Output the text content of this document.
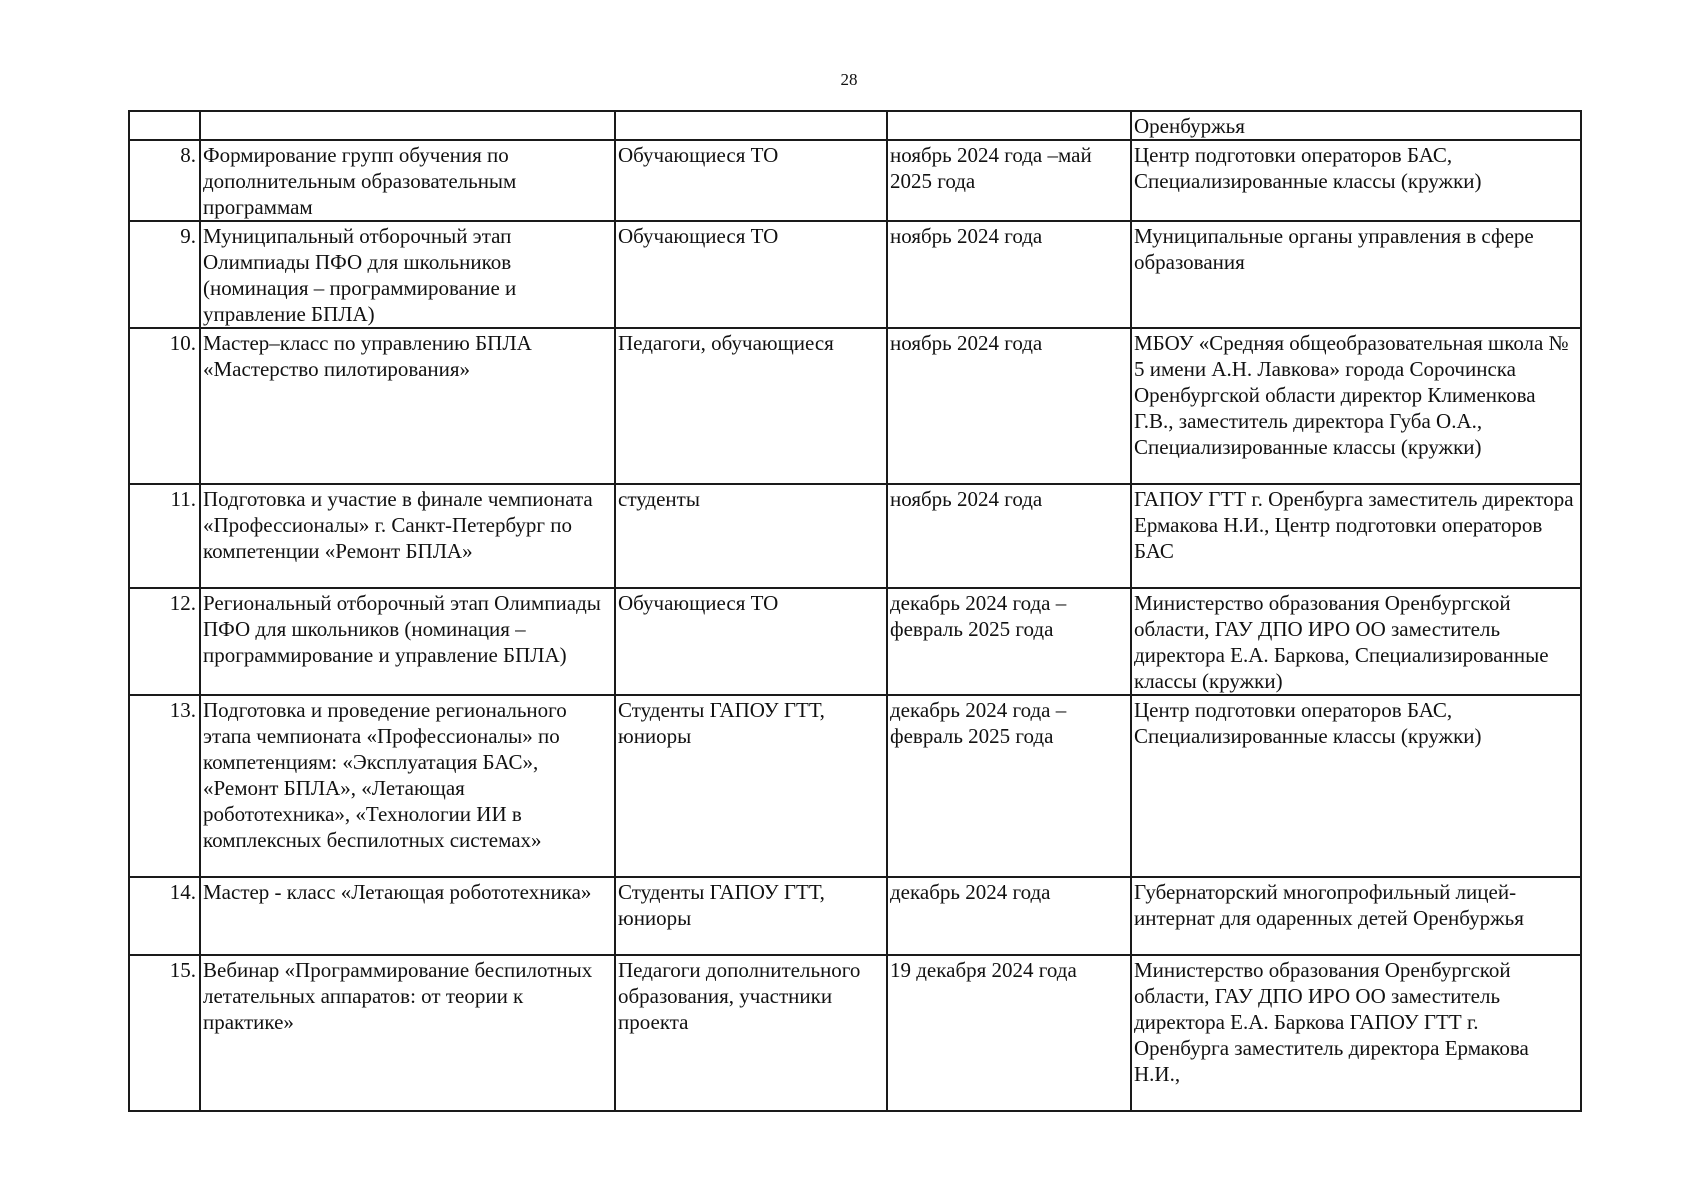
28
				Оренбуржья
8.	Формирование групп обучения по дополнительным образовательным программам	Обучающиеся ТО	ноябрь 2024 года –май 2025 года	Центр подготовки операторов БАС, Специализированные классы (кружки)
9.	Муниципальный отборочный этап Олимпиады ПФО для школьников (номинация – программирование и управление БПЛА)	Обучающиеся ТО	ноябрь 2024 года	Муниципальные органы управления в сфере образования
10.	Мастер–класс по управлению БПЛА «Мастерство пилотирования»	Педагоги, обучающиеся	ноябрь 2024 года	МБОУ «Средняя общеобразовательная школа № 5 имени А.Н. Лавкова» города Сорочинска Оренбургской области директор Клименкова Г.В., заместитель директора Губа О.А., Специализированные классы (кружки)
11.	Подготовка и участие в финале чемпионата «Профессионалы» г. Санкт-Петербург по компетенции «Ремонт БПЛА»	студенты	ноябрь 2024 года	ГАПОУ ГТТ г. Оренбурга заместитель директора Ермакова Н.И., Центр подготовки операторов БАС
12.	Региональный отборочный этап Олимпиады ПФО для школьников (номинация – программирование и управление БПЛА)	Обучающиеся ТО	декабрь 2024 года – февраль 2025 года	Министерство образования Оренбургской области, ГАУ ДПО ИРО ОО заместитель директора Е.А. Баркова, Специализированные классы (кружки)
13.	Подготовка и проведение регионального этапа чемпионата «Профессионалы» по компетенциям: «Эксплуатация БАС», «Ремонт БПЛА», «Летающая робототехника», «Технологии ИИ в комплексных беспилотных системах»	Студенты ГАПОУ ГТТ, юниоры	декабрь 2024 года –февраль 2025 года	Центр подготовки операторов БАС, Специализированные классы (кружки)
14.	Мастер - класс «Летающая робототехника»	Студенты ГАПОУ ГТТ, юниоры	декабрь 2024 года	Губернаторский многопрофильный лицей-интернат для одаренных детей Оренбуржья
15.	Вебинар «Программирование беспилотных летательных аппаратов: от теории к практике»	Педагоги дополнительного образования, участники проекта	19 декабря 2024 года	Министерство образования Оренбургской области, ГАУ ДПО ИРО ОО заместитель директора Е.А. Баркова ГАПОУ ГТТ г. Оренбурга заместитель директора Ермакова Н.И.,
